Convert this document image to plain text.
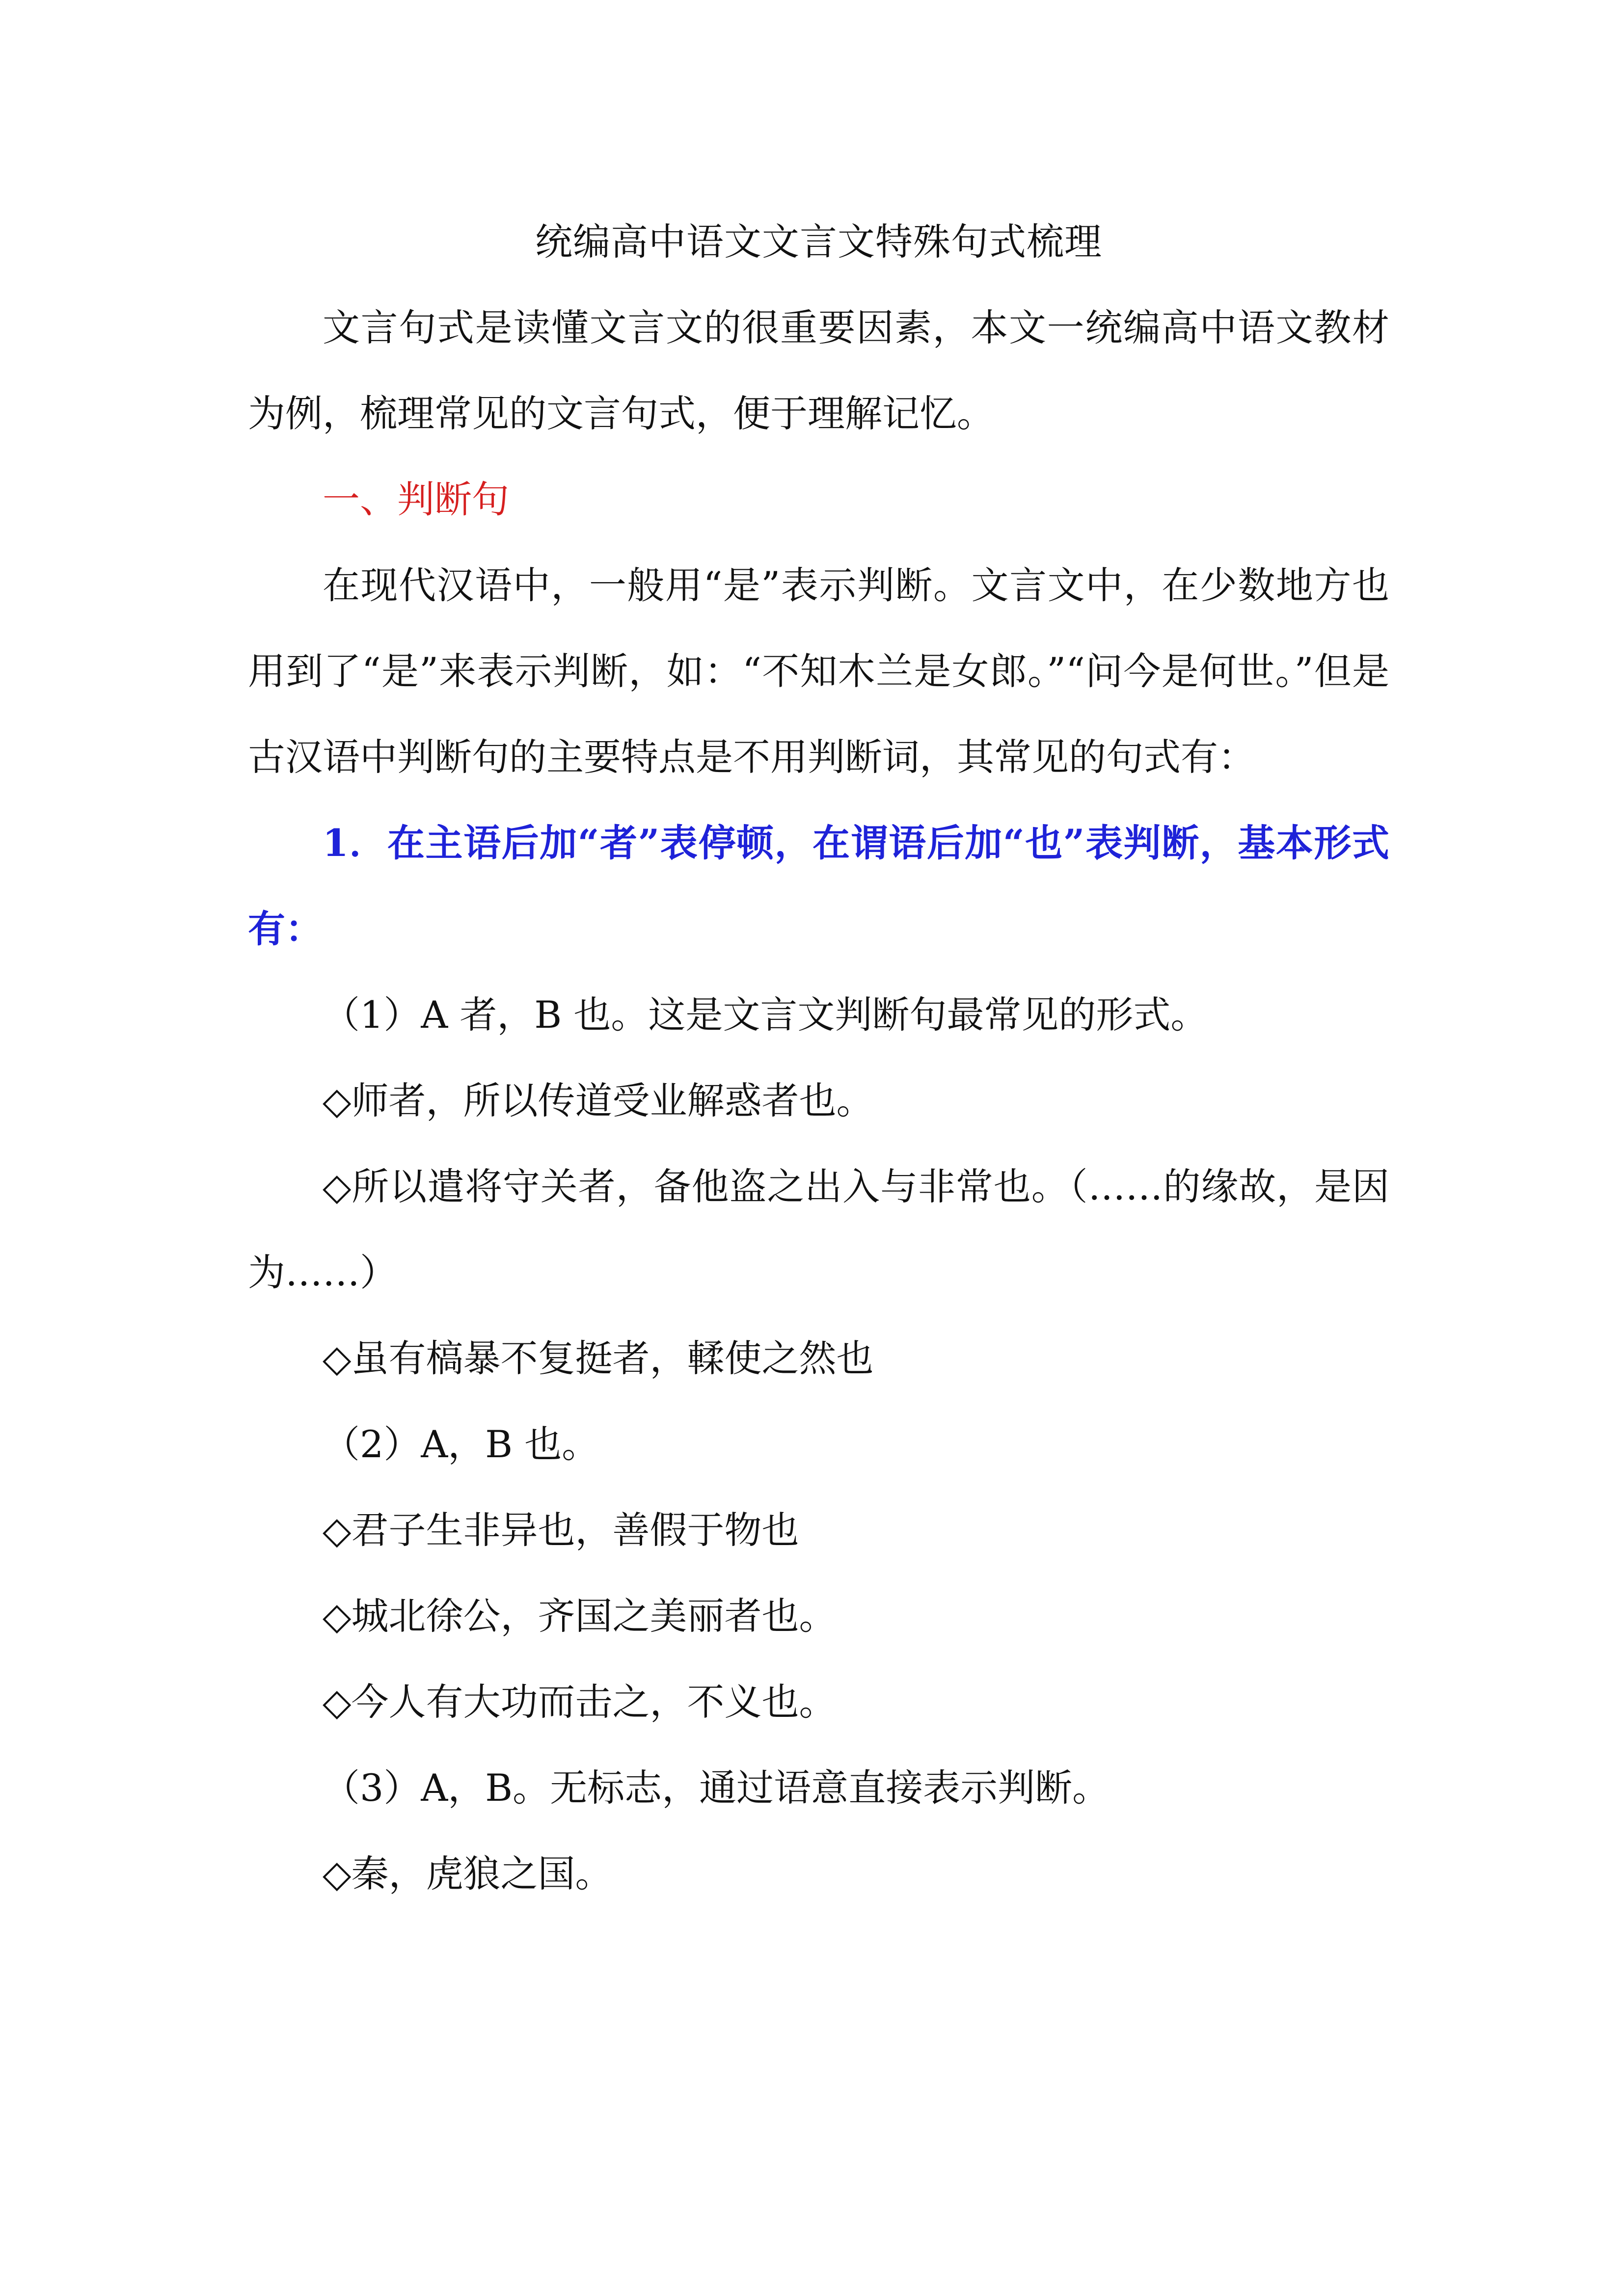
统编高中语文文言文特殊句式梳理

文言句式是读懂文言文的很重要因素，本文一统编高中语文教材为例，梳理常见的文言句式，便于理解记忆。

一、判断句

在现代汉语中，一般用“是”表示判断。文言文中，在少数地方也用到了“是”来表示判断，如：“不知木兰是女郎。”“问今是何世。”但是古汉语中判断句的主要特点是不用判断词，其常见的句式有：

1．在主语后加“者”表停顿，在谓语后加“也”表判断，基本形式有：

（1）A 者，B 也。这是文言文判断句最常见的形式。

◇师者，所以传道受业解惑者也。

◇所以遣将守关者，备他盗之出入与非常也。（……的缘故，是因为……）

◇虽有槁暴不复挺者，輮使之然也

（2）A，B 也。

◇君子生非异也，善假于物也

◇城北徐公，齐国之美丽者也。

◇今人有大功而击之，不义也。

（3）A，B。无标志，通过语意直接表示判断。

◇秦，虎狼之国。
